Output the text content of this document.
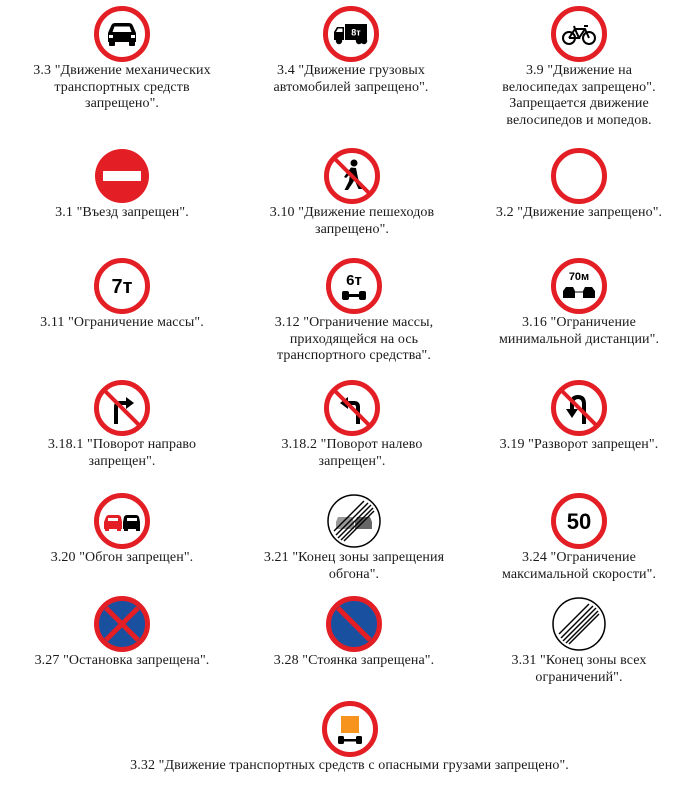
3.3 "Движение механических
транспортных средств
запрещено".
8т
3.4 "Движение грузовых
автомобилей запрещено".
3.9 "Движение на
велосипедах запрещено".
Запрещается движение
велосипедов и мопедов.
3.1 "Въезд запрещен".	3.10 "Движение пешеходов
запрещено".
3.2 "Движение запрещено".
7т
3.11 "Ограничение массы".
6т
3.12 "Ограничение массы,
приходящейся на ось
транспортного средства".
70м
3.16 "Ограничение
минимальной дистанции".
3.18.1 "Поворот направо
запрещен".
3.18.2 "Поворот налево
запрещен".
3.19 "Разворот запрещен".
3.20 "Обгон запрещен".	3.21 "Конец зоны запрещения
обгона".
50
3.24 "Ограничение
максимальной скорости".
3.27 "Остановка запрещена".	3.28 "Стоянка запрещена".	3.31 "Конец зоны всех
ограничений".
3.32 "Движение транспортных средств с опасными грузами запрещено".
